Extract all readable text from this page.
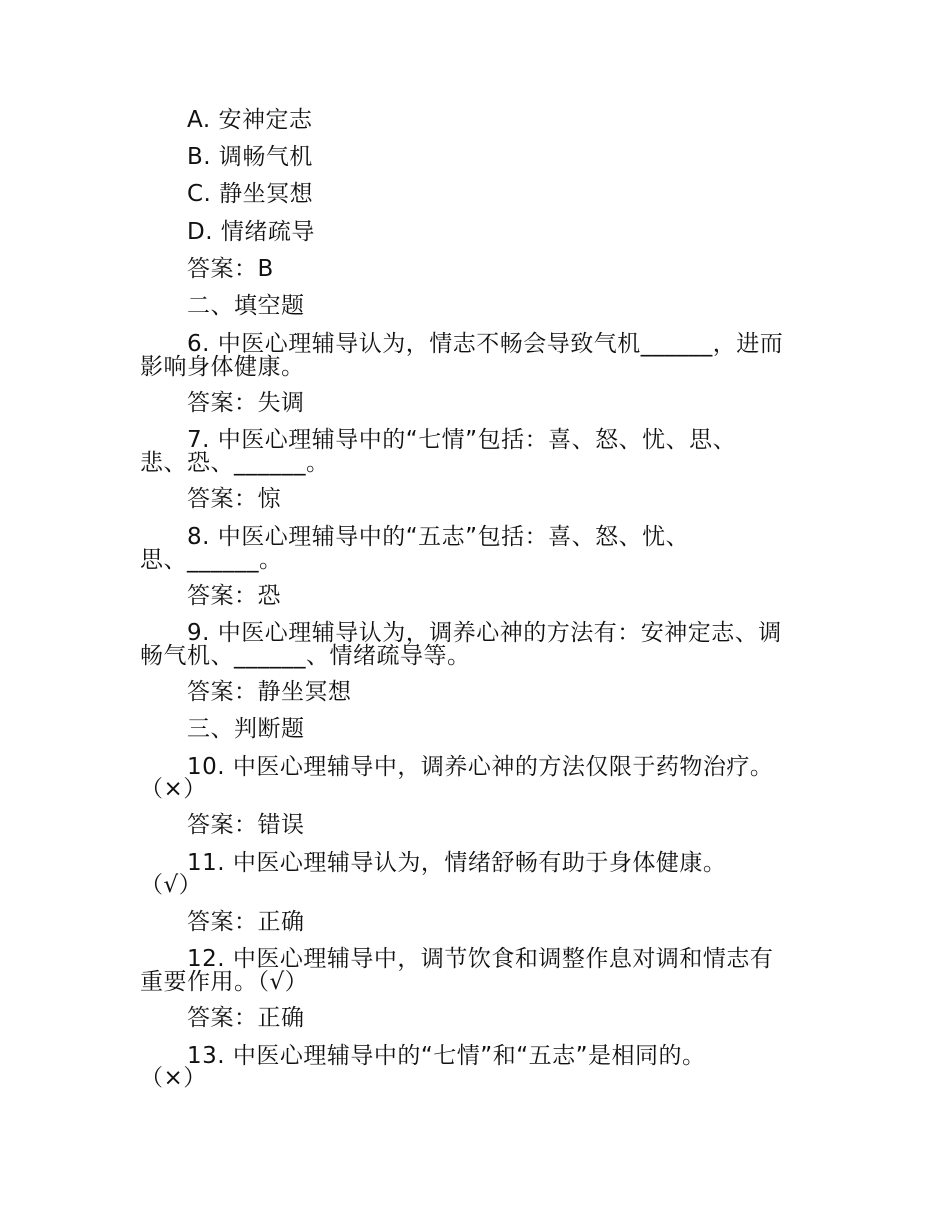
A. 安神定志
B. 调畅气机
C. 静坐冥想
D. 情绪疏导
答案：B
二、填空题
6. 中医心理辅导认为，情志不畅会导致气机______，进而
影响身体健康。
答案：失调
7. 中医心理辅导中的“七情”包括：喜、怒、忧、思、
悲、恐、______。
答案：惊
8. 中医心理辅导中的“五志”包括：喜、怒、忧、
思、______。
答案：恐
9. 中医心理辅导认为，调养心神的方法有：安神定志、调
畅气机、______、情绪疏导等。
答案：静坐冥想
三、判断题
10. 中医心理辅导中，调养心神的方法仅限于药物治疗。
（×）
答案：错误
11. 中医心理辅导认为，情绪舒畅有助于身体健康。
（√）
答案：正确
12. 中医心理辅导中，调节饮食和调整作息对调和情志有
重要作用。（√）
答案：正确
13. 中医心理辅导中的“七情”和“五志”是相同的。
（×）
